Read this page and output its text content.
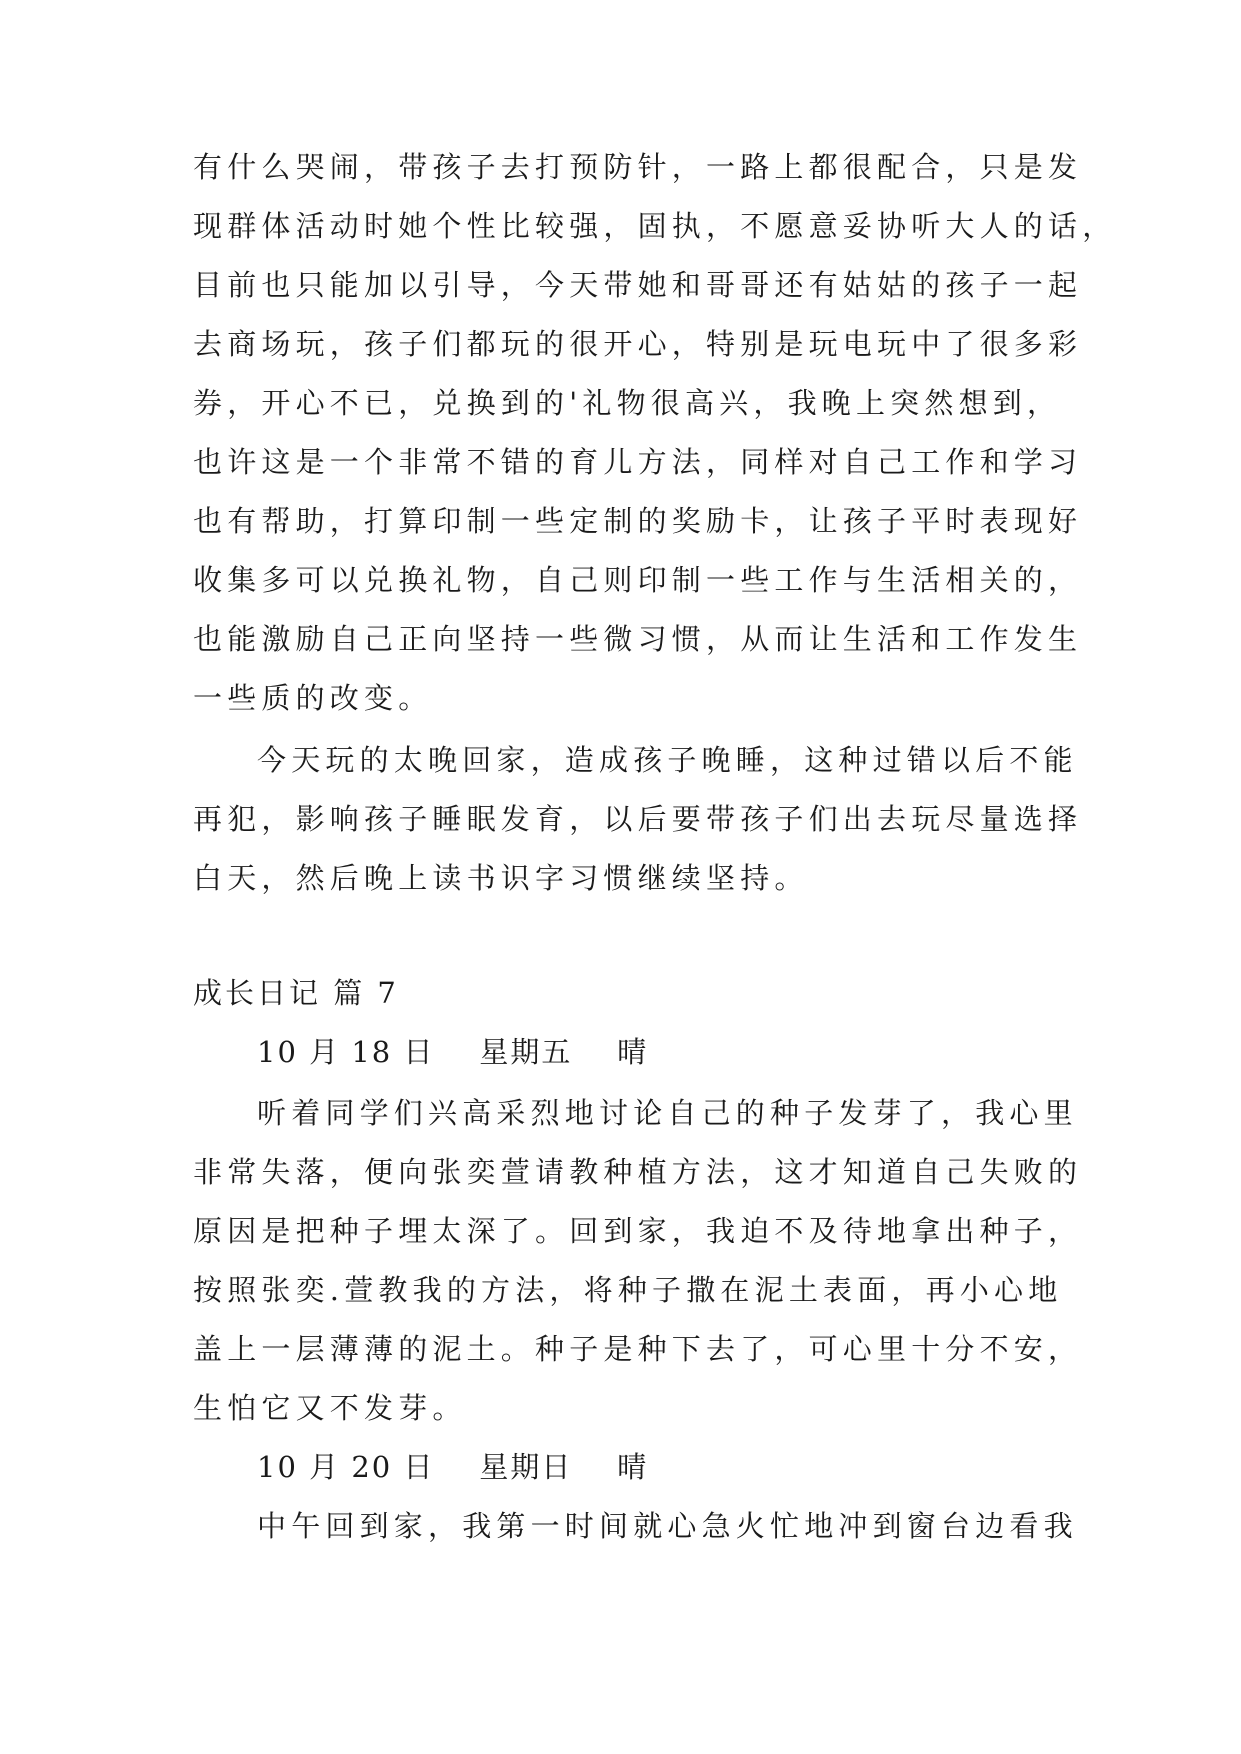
有什么哭闹，带孩子去打预防针，一路上都很配合，只是发
现群体活动时她个性比较强，固执，不愿意妥协听大人的话，
目前也只能加以引导，今天带她和哥哥还有姑姑的孩子一起
去商场玩，孩子们都玩的很开心，特别是玩电玩中了很多彩
券，开心不已，兑换到的'礼物很高兴，我晚上突然想到，
也许这是一个非常不错的育儿方法，同样对自己工作和学习
也有帮助，打算印制一些定制的奖励卡，让孩子平时表现好
收集多可以兑换礼物，自己则印制一些工作与生活相关的，
也能激励自己正向坚持一些微习惯，从而让生活和工作发生
一些质的改变。
今天玩的太晚回家，造成孩子晚睡，这种过错以后不能
再犯，影响孩子睡眠发育，以后要带孩子们出去玩尽量选择
白天，然后晚上读书识字习惯继续坚持。
成长日记 篇 7
10 月 18 日    星期五    晴
听着同学们兴高采烈地讨论自己的种子发芽了，我心里
非常失落，便向张奕萱请教种植方法，这才知道自己失败的
原因是把种子埋太深了。回到家，我迫不及待地拿出种子，
按照张奕.萱教我的方法，将种子撒在泥土表面，再小心地
盖上一层薄薄的泥土。种子是种下去了，可心里十分不安，
生怕它又不发芽。
10 月 20 日    星期日    晴
中午回到家，我第一时间就心急火忙地冲到窗台边看我
